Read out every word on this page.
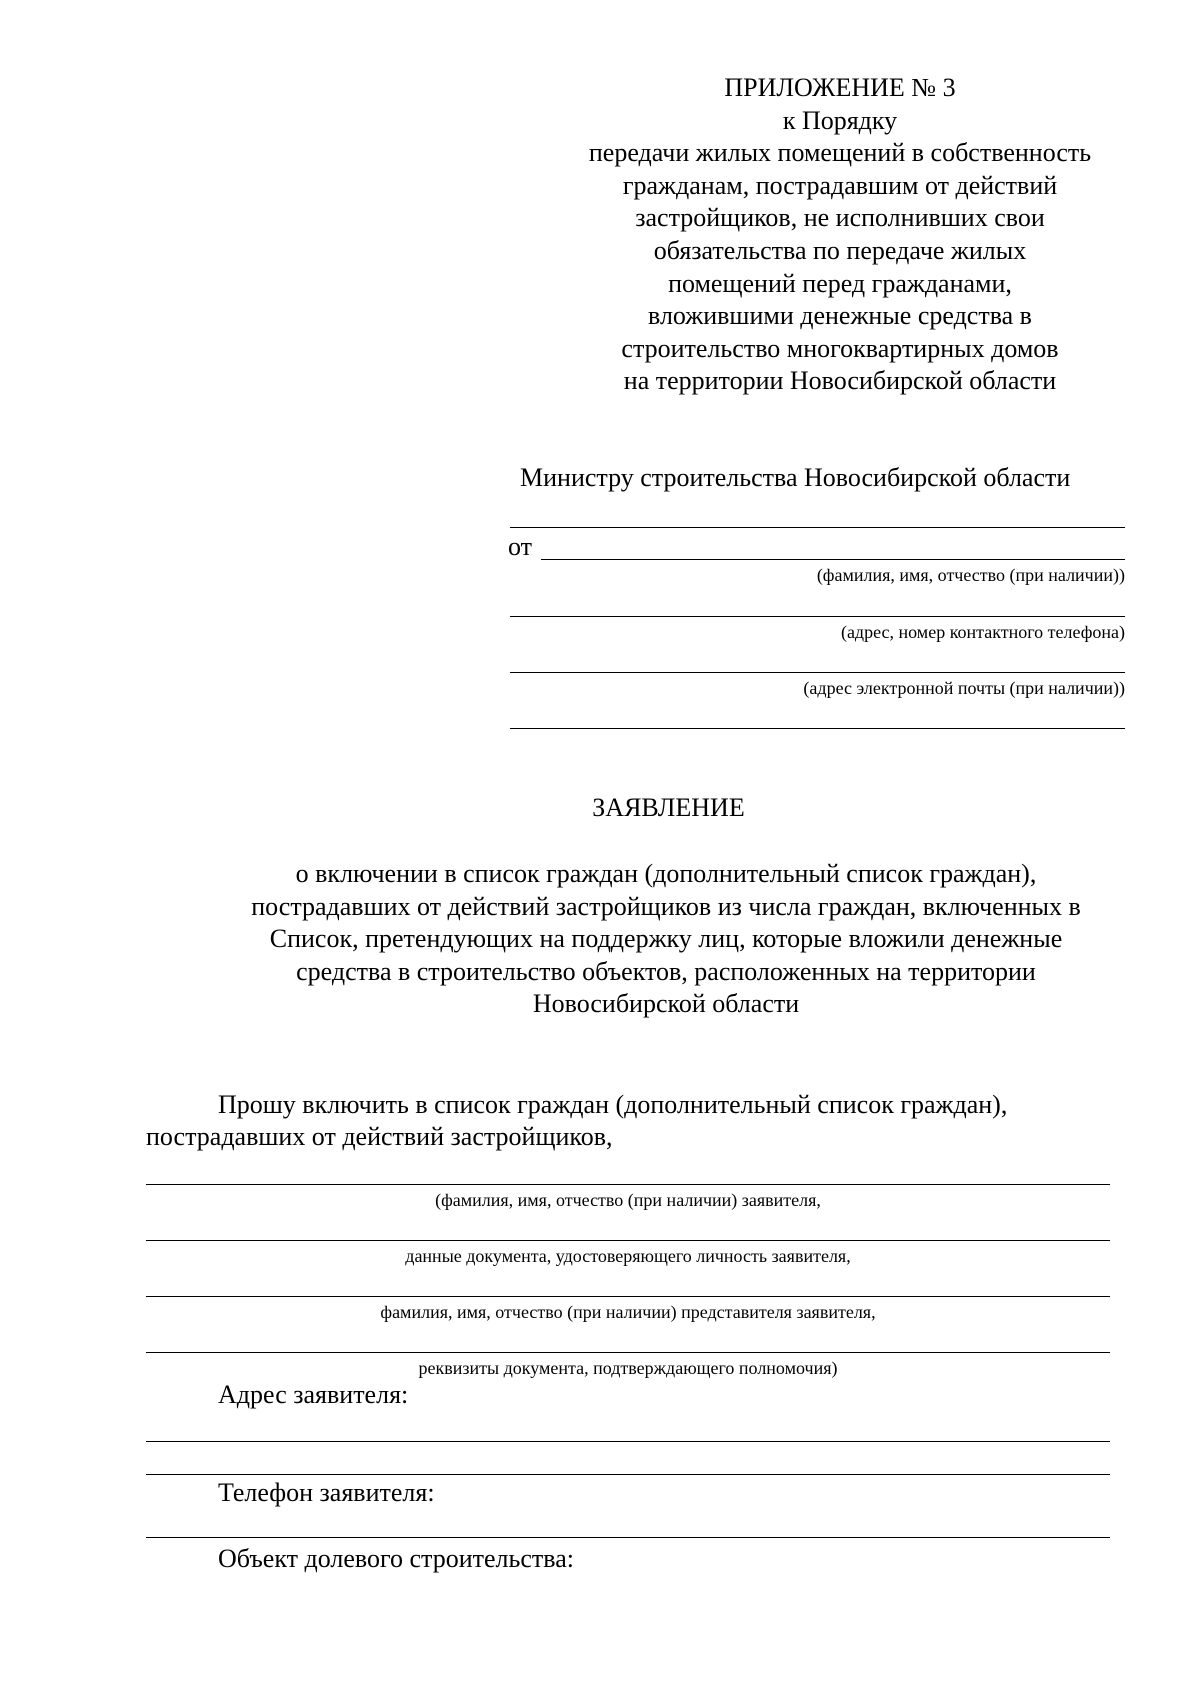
ПРИЛОЖЕНИЕ № 3
к Порядку
передачи жилых помещений в собственность
гражданам, пострадавшим от действий
застройщиков, не исполнивших свои
обязательства по передаче жилых
помещений перед гражданами,
вложившими денежные средства в
строительство многоквартирных домов
на территории Новосибирской области
Министру строительства Новосибирской области
от
(фамилия, имя, отчество (при наличии))
(адрес, номер контактного телефона)
(адрес электронной почты (при наличии))
ЗАЯВЛЕНИЕ
о включении в список граждан (дополнительный список граждан),
пострадавших от действий застройщиков из числа граждан, включенных в
Список, претендующих на поддержку лиц, которые вложили денежные
средства в строительство объектов, расположенных на территории
Новосибирской области
Прошу включить в список граждан (дополнительный список граждан),
пострадавших от действий застройщиков,
(фамилия, имя, отчество (при наличии) заявителя,
данные документа, удостоверяющего личность заявителя,
фамилия, имя, отчество (при наличии) представителя заявителя,
реквизиты документа, подтверждающего полномочия)
Адрес заявителя:
Телефон заявителя:
Объект долевого строительства:
